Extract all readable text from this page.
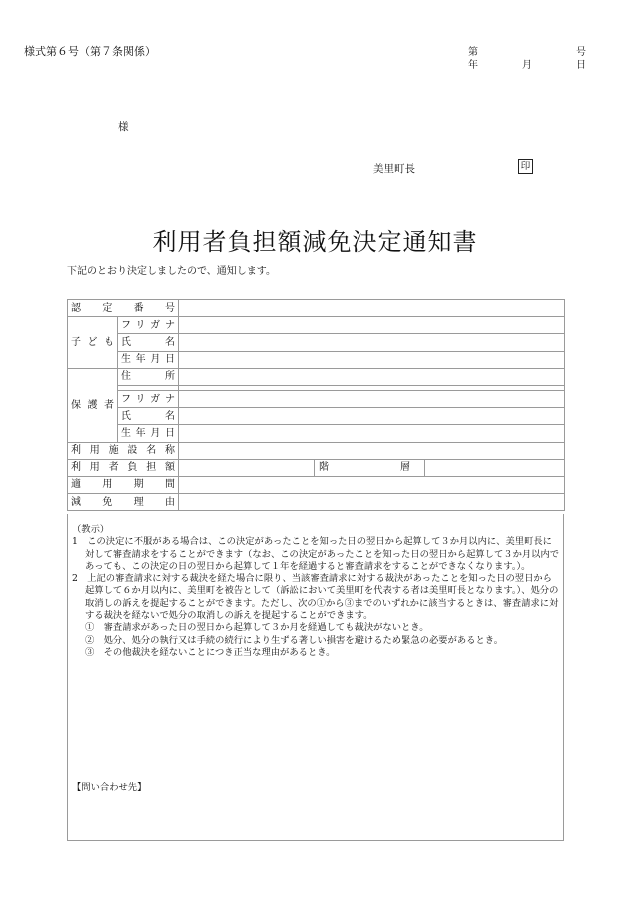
様式第６号（第７条関係）	第	号
年	月	日
様
美里町長	印
利用者負担額減免決定通知書
下記のとおり決定しましたので、通知します。
認定番号				
子ども	フリガナ			
	氏名			
	生年月日			
保護者	住所			

	フリガナ			
	氏名			
	生年月日			
利用施設名称				
利用者負担額			階層	
適用期間				
減免理由				

（教示）

1　この決定に不服がある場合は、この決定があったことを知った日の翌日から起算して３か月以内に、美里町長に対して審査請求をすることができます（なお、この決定があったことを知った日の翌日から起算して３か月以内であっても、この決定の日の翌日から起算して１年を経過すると審査請求をすることができなくなります。）。

2　上記の審査請求に対する裁決を経た場合に限り、当該審査請求に対する裁決があったことを知った日の翌日から起算して６か月以内に、美里町を被告として（訴訟において美里町を代表する者は美里町長となります。）、処分の取消しの訴えを提起することができます。ただし、次の①から③までのいずれかに該当するときは、審査請求に対する裁決を経ないで処分の取消しの訴えを提起することができます。

①　審査請求があった日の翌日から起算して３か月を経過しても裁決がないとき。

②　処分、処分の執行又は手続の続行により生ずる著しい損害を避けるため緊急の必要があるとき。

③　その他裁決を経ないことにつき正当な理由があるとき。

【問い合わせ先】
